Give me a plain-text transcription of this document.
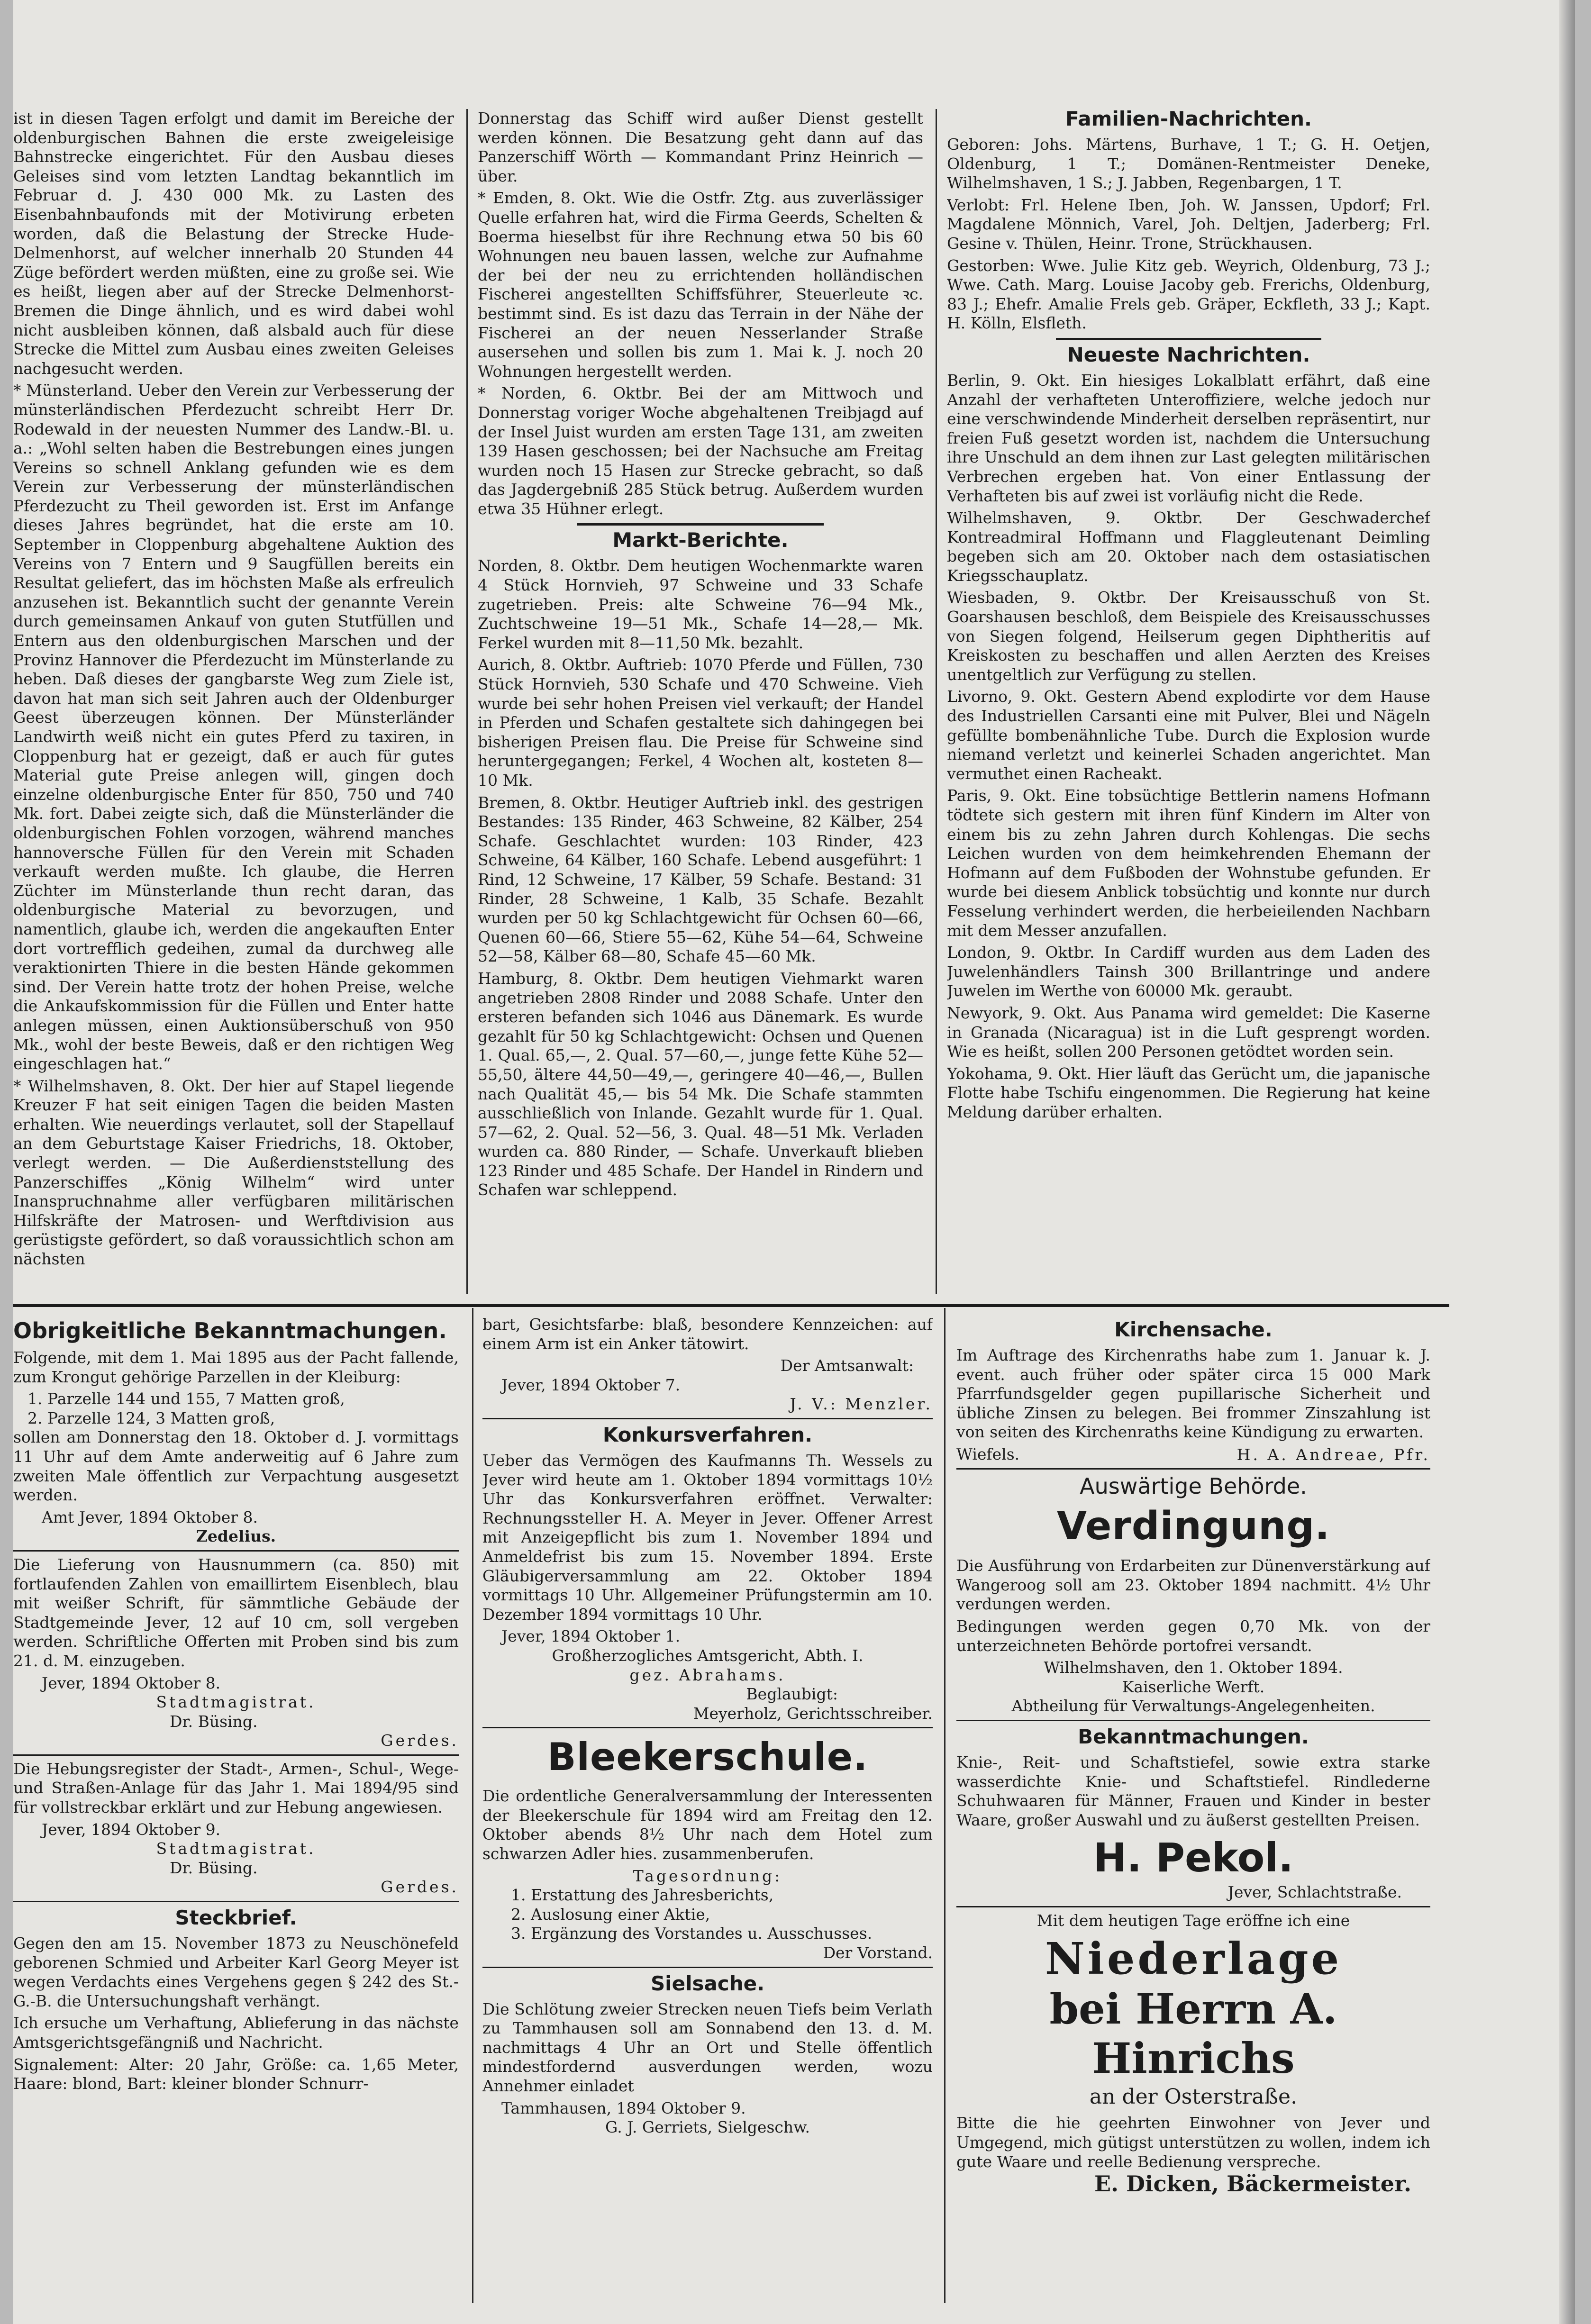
ist in diesen Tagen erfolgt und damit im Bereiche der oldenburgischen Bahnen die erste zweigeleisige Bahnstrecke eingerichtet. Für den Ausbau dieses Geleises sind vom letzten Landtag bekanntlich im Februar d. J. 430 000 Mk. zu Lasten des Eisenbahnbaufonds mit der Motivirung erbeten worden, daß die Belastung der Strecke Hude-Delmenhorst, auf welcher innerhalb 20 Stunden 44 Züge befördert werden müßten, eine zu große sei. Wie es heißt, liegen aber auf der Strecke Delmenhorst-Bremen die Dinge ähnlich, und es wird dabei wohl nicht ausbleiben können, daß alsbald auch für diese Strecke die Mittel zum Ausbau eines zweiten Geleises nachgesucht werden.

* Münsterland. Ueber den Verein zur Verbesserung der münsterländischen Pferdezucht schreibt Herr Dr. Rodewald in der neuesten Nummer des Landw.-Bl. u. a.: „Wohl selten haben die Bestrebungen eines jungen Vereins so schnell Anklang gefunden wie es dem Verein zur Verbesserung der münsterländischen Pferdezucht zu Theil geworden ist. Erst im Anfange dieses Jahres begründet, hat die erste am 10. September in Cloppenburg abgehaltene Auktion des Vereins von 7 Entern und 9 Saugfüllen bereits ein Resultat geliefert, das im höchsten Maße als erfreulich anzusehen ist. Bekanntlich sucht der genannte Verein durch gemeinsamen Ankauf von guten Stutfüllen und Entern aus den oldenburgischen Marschen und der Provinz Hannover die Pferdezucht im Münsterlande zu heben. Daß dieses der gangbarste Weg zum Ziele ist, davon hat man sich seit Jahren auch der Oldenburger Geest überzeugen können. Der Münsterländer Landwirth weiß nicht ein gutes Pferd zu taxiren, in Cloppenburg hat er gezeigt, daß er auch für gutes Material gute Preise anlegen will, gingen doch einzelne oldenburgische Enter für 850, 750 und 740 Mk. fort. Dabei zeigte sich, daß die Münsterländer die oldenburgischen Fohlen vorzogen, während manches hannoversche Füllen für den Verein mit Schaden verkauft werden mußte. Ich glaube, die Herren Züchter im Münsterlande thun recht daran, das oldenburgische Material zu bevorzugen, und namentlich, glaube ich, werden die angekauften Enter dort vortrefflich gedeihen, zumal da durchweg alle veraktionirten Thiere in die besten Hände gekommen sind. Der Verein hatte trotz der hohen Preise, welche die Ankaufskommission für die Füllen und Enter hatte anlegen müssen, einen Auktionsüberschuß von 950 Mk., wohl der beste Beweis, daß er den richtigen Weg eingeschlagen hat.“

* Wilhelmshaven, 8. Okt. Der hier auf Stapel liegende Kreuzer F hat seit einigen Tagen die beiden Masten erhalten. Wie neuerdings verlautet, soll der Stapellauf an dem Geburtstage Kaiser Friedrichs, 18. Oktober, verlegt werden. — Die Außerdienststellung des Panzerschiffes „König Wilhelm“ wird unter Inanspruchnahme aller verfügbaren militärischen Hilfskräfte der Matrosen- und Werftdivision aus gerüstigste gefördert, so daß voraussichtlich schon am nächsten

Donnerstag das Schiff wird außer Dienst gestellt werden können. Die Besatzung geht dann auf das Panzerschiff Wörth — Kommandant Prinz Heinrich — über.

* Emden, 8. Okt. Wie die Ostfr. Ztg. aus zuverlässiger Quelle erfahren hat, wird die Firma Geerds, Schelten & Boerma hieselbst für ihre Rechnung etwa 50 bis 60 Wohnungen neu bauen lassen, welche zur Aufnahme der bei der neu zu errichtenden holländischen Fischerei angestellten Schiffsführer, Steuerleute ꝛc. bestimmt sind. Es ist dazu das Terrain in der Nähe der Fischerei an der neuen Nesserlander Straße ausersehen und sollen bis zum 1. Mai k. J. noch 20 Wohnungen hergestellt werden.

* Norden, 6. Oktbr. Bei der am Mittwoch und Donnerstag voriger Woche abgehaltenen Treibjagd auf der Insel Juist wurden am ersten Tage 131, am zweiten 139 Hasen geschossen; bei der Nachsuche am Freitag wurden noch 15 Hasen zur Strecke gebracht, so daß das Jagdergebniß 285 Stück betrug. Außerdem wurden etwa 35 Hühner erlegt.

Markt-Berichte.

Norden, 8. Oktbr. Dem heutigen Wochenmarkte waren 4 Stück Hornvieh, 97 Schweine und 33 Schafe zugetrieben. Preis: alte Schweine 76—94 Mk., Zuchtschweine 19—51 Mk., Schafe 14—28,— Mk. Ferkel wurden mit 8—11,50 Mk. bezahlt.

Aurich, 8. Oktbr. Auftrieb: 1070 Pferde und Füllen, 730 Stück Hornvieh, 530 Schafe und 470 Schweine. Vieh wurde bei sehr hohen Preisen viel verkauft; der Handel in Pferden und Schafen gestaltete sich dahingegen bei bisherigen Preisen flau. Die Preise für Schweine sind heruntergegangen; Ferkel, 4 Wochen alt, kosteten 8—10 Mk.

Bremen, 8. Oktbr. Heutiger Auftrieb inkl. des gestrigen Bestandes: 135 Rinder, 463 Schweine, 82 Kälber, 254 Schafe. Geschlachtet wurden: 103 Rinder, 423 Schweine, 64 Kälber, 160 Schafe. Lebend ausgeführt: 1 Rind, 12 Schweine, 17 Kälber, 59 Schafe. Bestand: 31 Rinder, 28 Schweine, 1 Kalb, 35 Schafe. Bezahlt wurden per 50 kg Schlachtgewicht für Ochsen 60—66, Quenen 60—66, Stiere 55—62, Kühe 54—64, Schweine 52—58, Kälber 68—80, Schafe 45—60 Mk.

Hamburg, 8. Oktbr. Dem heutigen Viehmarkt waren angetrieben 2808 Rinder und 2088 Schafe. Unter den ersteren befanden sich 1046 aus Dänemark. Es wurde gezahlt für 50 kg Schlachtgewicht: Ochsen und Quenen 1. Qual. 65,—, 2. Qual. 57—60,—, junge fette Kühe 52—55,50, ältere 44,50—49,—, geringere 40—46,—, Bullen nach Qualität 45,— bis 54 Mk. Die Schafe stammten ausschließlich von Inlande. Gezahlt wurde für 1. Qual. 57—62, 2. Qual. 52—56, 3. Qual. 48—51 Mk. Verladen wurden ca. 880 Rinder, — Schafe. Unverkauft blieben 123 Rinder und 485 Schafe. Der Handel in Rindern und Schafen war schleppend.

Familien-Nachrichten.

Geboren: Johs. Märtens, Burhave, 1 T.; G. H. Oetjen, Oldenburg, 1 T.; Domänen-Rentmeister Deneke, Wilhelmshaven, 1 S.; J. Jabben, Regenbargen, 1 T.

Verlobt: Frl. Helene Iben, Joh. W. Janssen, Updorf; Frl. Magdalene Mönnich, Varel, Joh. Deltjen, Jaderberg; Frl. Gesine v. Thülen, Heinr. Trone, Strückhausen.

Gestorben: Wwe. Julie Kitz geb. Weyrich, Oldenburg, 73 J.; Wwe. Cath. Marg. Louise Jacoby geb. Frerichs, Oldenburg, 83 J.; Ehefr. Amalie Frels geb. Gräper, Eckfleth, 33 J.; Kapt. H. Kölln, Elsfleth.

Neueste Nachrichten.

Berlin, 9. Okt. Ein hiesiges Lokalblatt erfährt, daß eine Anzahl der verhafteten Unteroffiziere, welche jedoch nur eine verschwindende Minderheit derselben repräsentirt, nur freien Fuß gesetzt worden ist, nachdem die Untersuchung ihre Unschuld an dem ihnen zur Last gelegten militärischen Verbrechen ergeben hat. Von einer Entlassung der Verhafteten bis auf zwei ist vorläufig nicht die Rede.

Wilhelmshaven, 9. Oktbr. Der Geschwaderchef Kontreadmiral Hoffmann und Flaggleutenant Deimling begeben sich am 20. Oktober nach dem ostasiatischen Kriegsschauplatz.

Wiesbaden, 9. Oktbr. Der Kreisausschuß von St. Goarshausen beschloß, dem Beispiele des Kreisausschusses von Siegen folgend, Heilserum gegen Diphtheritis auf Kreiskosten zu beschaffen und allen Aerzten des Kreises unentgeltlich zur Verfügung zu stellen.

Livorno, 9. Okt. Gestern Abend explodirte vor dem Hause des Industriellen Carsanti eine mit Pulver, Blei und Nägeln gefüllte bombenähnliche Tube. Durch die Explosion wurde niemand verletzt und keinerlei Schaden angerichtet. Man vermuthet einen Racheakt.

Paris, 9. Okt. Eine tobsüchtige Bettlerin namens Hofmann tödtete sich gestern mit ihren fünf Kindern im Alter von einem bis zu zehn Jahren durch Kohlengas. Die sechs Leichen wurden von dem heimkehrenden Ehemann der Hofmann auf dem Fußboden der Wohnstube gefunden. Er wurde bei diesem Anblick tobsüchtig und konnte nur durch Fesselung verhindert werden, die herbeieilenden Nachbarn mit dem Messer anzufallen.

London, 9. Oktbr. In Cardiff wurden aus dem Laden des Juwelenhändlers Tainsh 300 Brillantringe und andere Juwelen im Werthe von 60000 Mk. geraubt.

Newyork, 9. Okt. Aus Panama wird gemeldet: Die Kaserne in Granada (Nicaragua) ist in die Luft gesprengt worden. Wie es heißt, sollen 200 Personen getödtet worden sein.

Yokohama, 9. Okt. Hier läuft das Gerücht um, die japanische Flotte habe Tschifu eingenommen. Die Regierung hat keine Meldung darüber erhalten.

Obrigkeitliche Bekanntmachungen.

Folgende, mit dem 1. Mai 1895 aus der Pacht fallende, zum Krongut gehörige Parzellen in der Kleiburg:

1. Parzelle 144 und 155, 7 Matten groß,

2. Parzelle 124, 3 Matten groß,

sollen am Donnerstag den 18. Oktober d. J. vormittags 11 Uhr auf dem Amte anderweitig auf 6 Jahre zum zweiten Male öffentlich zur Verpachtung ausgesetzt werden.

Amt Jever, 1894 Oktober 8.

Zedelius.

Die Lieferung von Hausnummern (ca. 850) mit fortlaufenden Zahlen von emaillirtem Eisenblech, blau mit weißer Schrift, für sämmtliche Gebäude der Stadtgemeinde Jever, 12 auf 10 cm, soll vergeben werden. Schriftliche Offerten mit Proben sind bis zum 21. d. M. einzugeben.

Jever, 1894 Oktober 8.

Stadtmagistrat.

Dr. Büsing.

Gerdes.

Die Hebungsregister der Stadt-, Armen-, Schul-, Wege- und Straßen-Anlage für das Jahr 1. Mai 1894/95 sind für vollstreckbar erklärt und zur Hebung angewiesen.

Jever, 1894 Oktober 9.

Stadtmagistrat.

Dr. Büsing.

Gerdes.

Steckbrief.

Gegen den am 15. November 1873 zu Neuschönefeld geborenen Schmied und Arbeiter Karl Georg Meyer ist wegen Verdachts eines Vergehens gegen § 242 des St.-G.-B. die Untersuchungshaft verhängt.

Ich ersuche um Verhaftung, Ablieferung in das nächste Amtsgerichtsgefängniß und Nachricht.

Signalement: Alter: 20 Jahr, Größe: ca. 1,65 Meter, Haare: blond, Bart: kleiner blonder Schnurr-

bart, Gesichtsfarbe: blaß, besondere Kennzeichen: auf einem Arm ist ein Anker tätowirt.

Der Amtsanwalt:

Jever, 1894 Oktober 7.

J. V.: Menzler.

Konkursverfahren.

Ueber das Vermögen des Kaufmanns Th. Wessels zu Jever wird heute am 1. Oktober 1894 vormittags 10½ Uhr das Konkursverfahren eröffnet. Verwalter: Rechnungssteller H. A. Meyer in Jever. Offener Arrest mit Anzeigepflicht bis zum 1. November 1894 und Anmeldefrist bis zum 15. November 1894. Erste Gläubigerversammlung am 22. Oktober 1894 vormittags 10 Uhr. Allgemeiner Prüfungstermin am 10. Dezember 1894 vormittags 10 Uhr.

Jever, 1894 Oktober 1.

Großherzogliches Amtsgericht, Abth. I.

gez. Abrahams.

Beglaubigt:

Meyerholz, Gerichtsschreiber.

Bleekerschule.

Die ordentliche Generalversammlung der Interessenten der Bleekerschule für 1894 wird am Freitag den 12. Oktober abends 8½ Uhr nach dem Hotel zum schwarzen Adler hies. zusammenberufen.

Tagesordnung:

1. Erstattung des Jahresberichts,

2. Auslosung einer Aktie,

3. Ergänzung des Vorstandes u. Ausschusses.

Der Vorstand.

Sielsache.

Die Schlötung zweier Strecken neuen Tiefs beim Verlath zu Tammhausen soll am Sonnabend den 13. d. M. nachmittags 4 Uhr an Ort und Stelle öffentlich mindestfordernd ausverdungen werden, wozu Annehmer einladet

Tammhausen, 1894 Oktober 9.

G. J. Gerriets, Sielgeschw.

Kirchensache.

Im Auftrage des Kirchenraths habe zum 1. Januar k. J. event. auch früher oder später circa 15 000 Mark Pfarrfundsgelder gegen pupillarische Sicherheit und übliche Zinsen zu belegen. Bei frommer Zinszahlung ist von seiten des Kirchenraths keine Kündigung zu erwarten.

Wiefels.	H. A. Andreae, Pfr.

Auswärtige Behörde.
Verdingung.

Die Ausführung von Erdarbeiten zur Dünenverstärkung auf Wangeroog soll am 23. Oktober 1894 nachmitt. 4½ Uhr verdungen werden.

Bedingungen werden gegen 0,70 Mk. von der unterzeichneten Behörde portofrei versandt.

Wilhelmshaven, den 1. Oktober 1894.

Kaiserliche Werft.

Abtheilung für Verwaltungs-Angelegenheiten.

Bekanntmachungen.

Knie-, Reit- und Schaftstiefel, sowie extra starke wasserdichte Knie- und Schaftstiefel. Rindlederne Schuhwaaren für Männer, Frauen und Kinder in bester Waare, großer Auswahl und zu äußerst gestellten Preisen.

H. Pekol.

Jever, Schlachtstraße.

Mit dem heutigen Tage eröffne ich eine

Niederlage
bei Herrn A. Hinrichs
an der Osterstraße.

Bitte die hie geehrten Einwohner von Jever und Umgegend, mich gütigst unterstützen zu wollen, indem ich gute Waare und reelle Bedienung verspreche.

E. Dicken, Bäckermeister.
